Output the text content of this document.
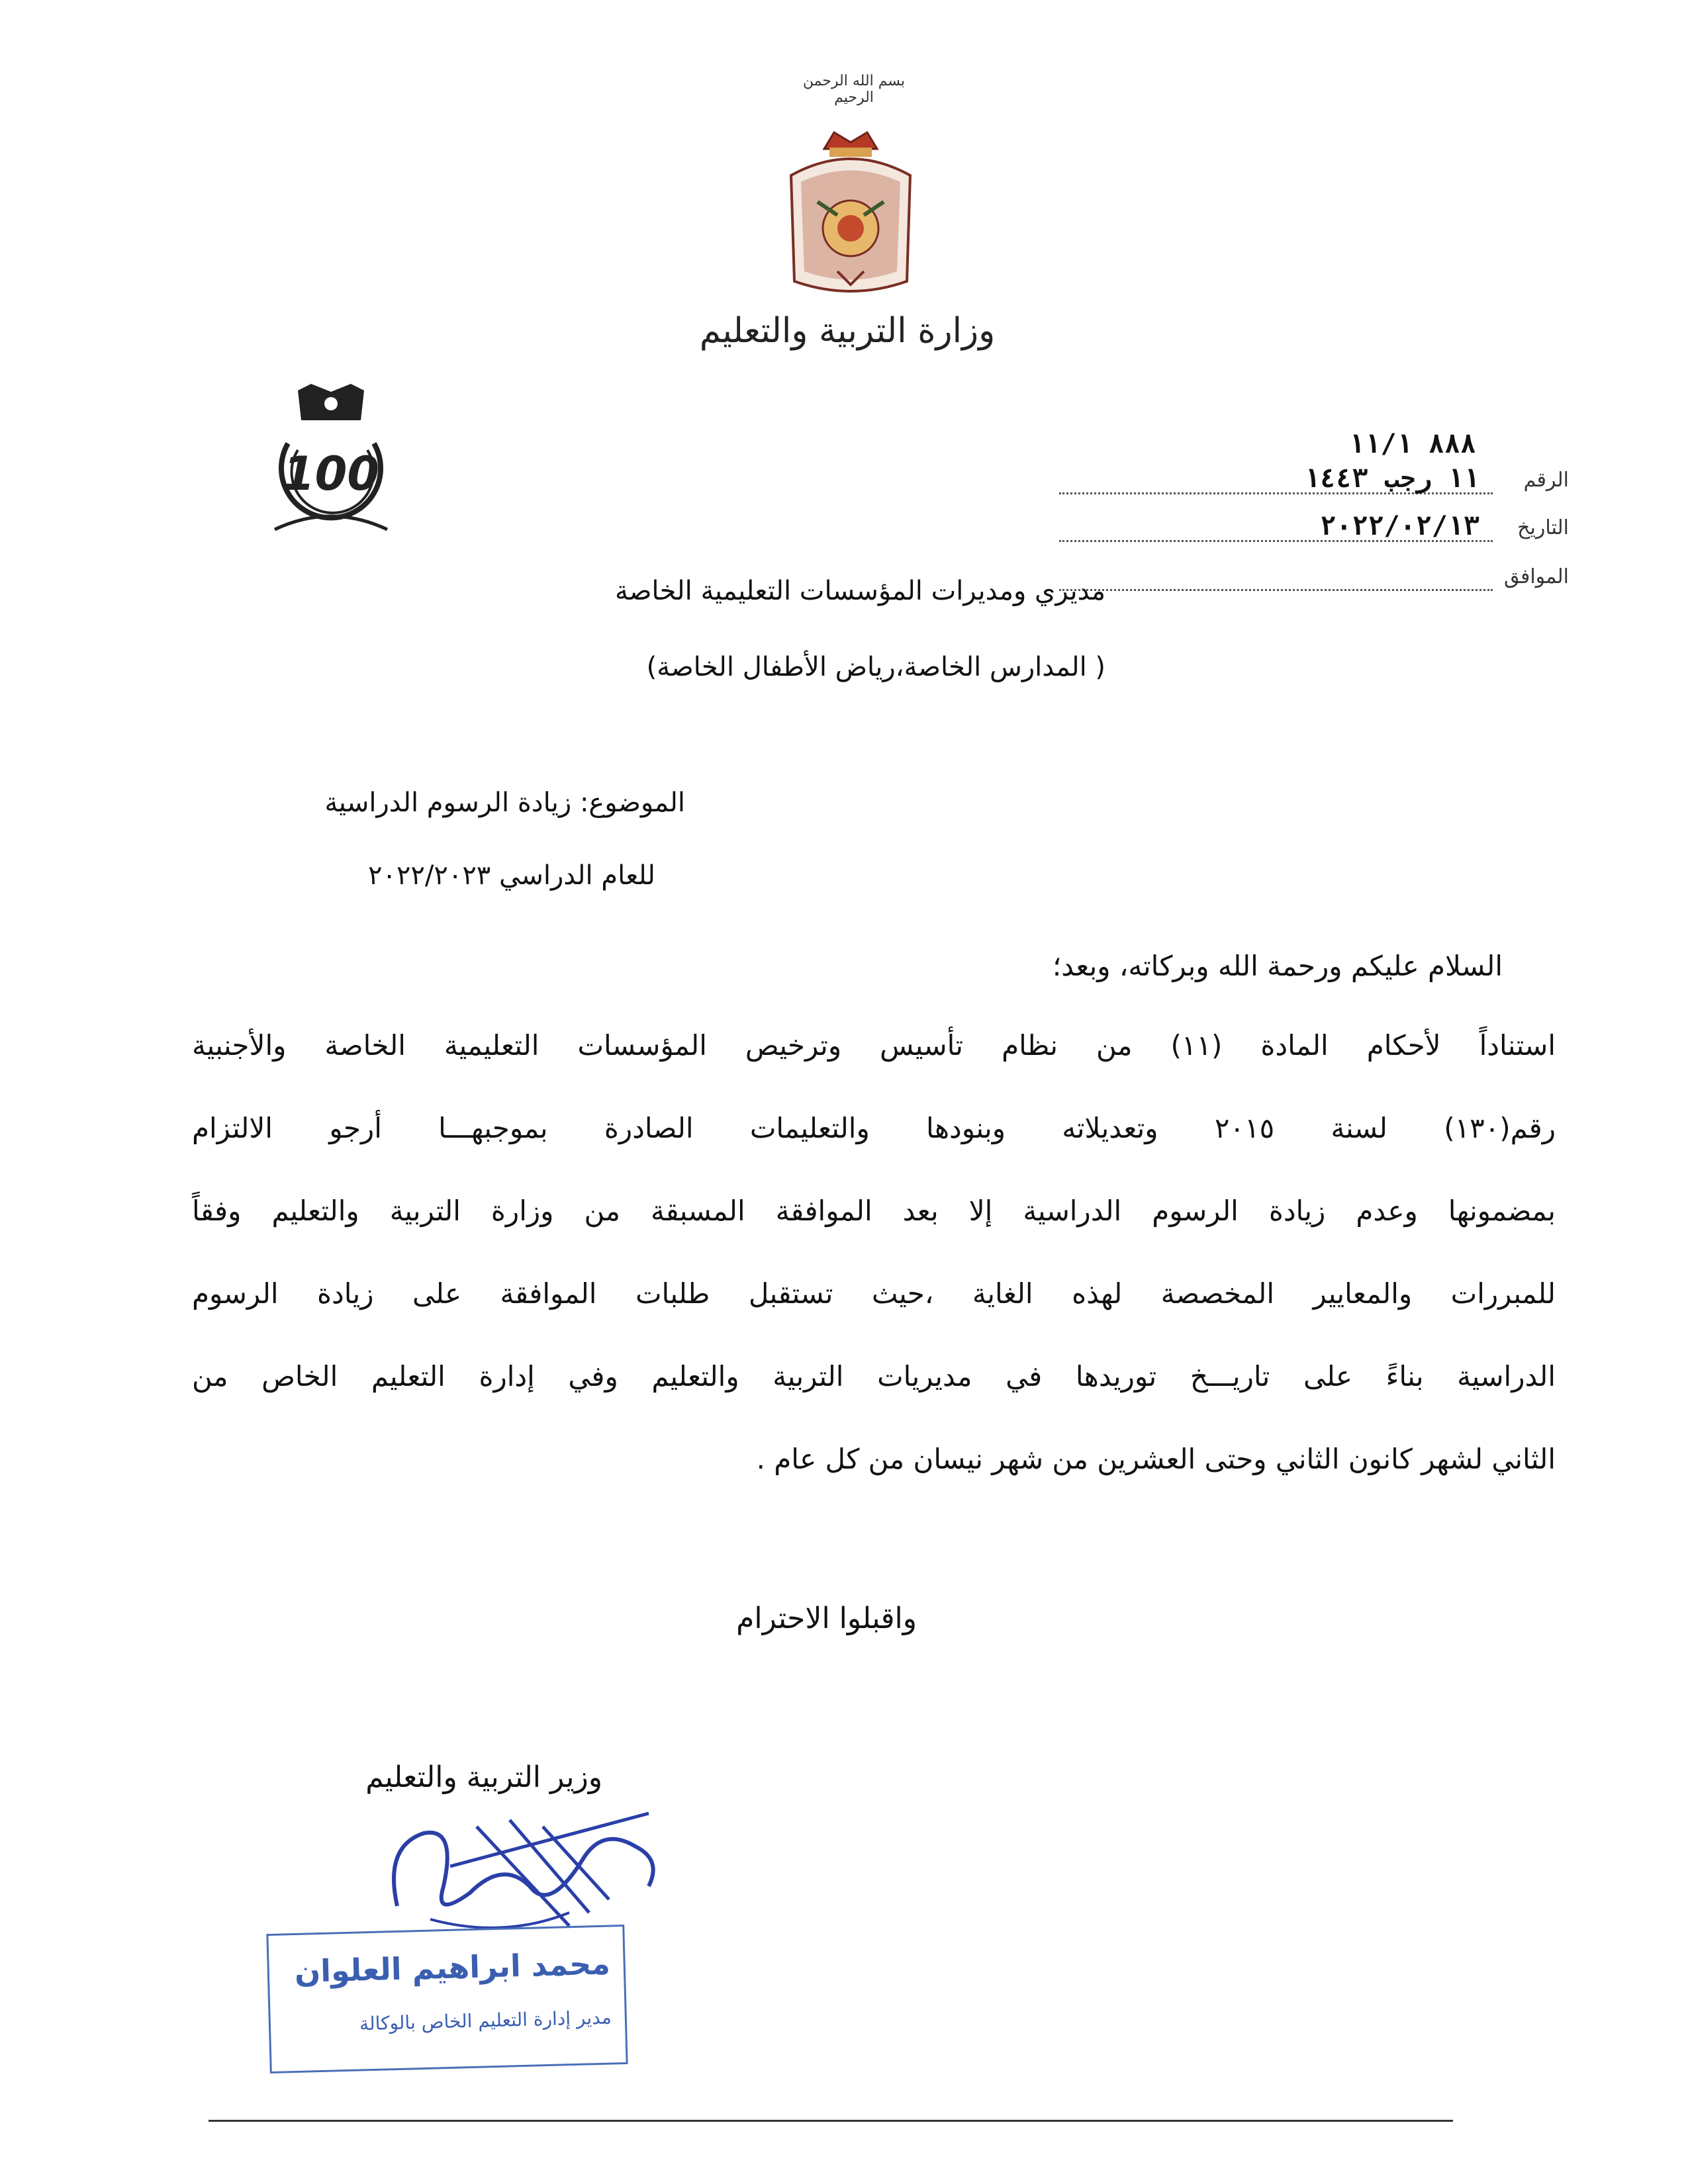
بسم الله الرحمن الرحيم
وزارة التربية والتعليم
100
٨٨٨ ١١/١
الرقم
١١ رجب ١٤٤٣
التاريخ
٢٠٢٢/٠٢/١٣
الموافق
مديري ومديرات المؤسسات التعليمية الخاصة
( المدارس الخاصة،رياض الأطفال الخاصة)
الموضوع: زيادة الرسوم الدراسية
للعام الدراسي ٢٠٢٢/٢٠٢٣
السلام عليكم ورحمة الله وبركاته، وبعد؛
استناداً لأحكام المادة (١١) من نظام تأسيس وترخيص المؤسسات التعليمية الخاصة والأجنبية
رقم(١٣٠) لسنة ٢٠١٥ وتعديلاته وبنودها والتعليمات الصادرة بموجبهـــا أرجو الالتزام
بمضمونها وعدم زيادة الرسوم الدراسية إلا بعد الموافقة المسبقة من وزارة التربية والتعليم وفقاً
للمبررات والمعايير المخصصة لهذه الغاية ،حيث تستقبل طلبات الموافقة على زيادة الرسوم
الدراسية بناءً على تاريـــخ توريدها في مديريات التربية والتعليم وفي إدارة التعليم الخاص من
الثاني لشهر كانون الثاني وحتى العشرين من شهر نيسان من كل عام .
واقبلوا الاحترام
وزير التربية والتعليم
محمد ابراهيم العلوان
مدير إدارة التعليم الخاص بالوكالة
